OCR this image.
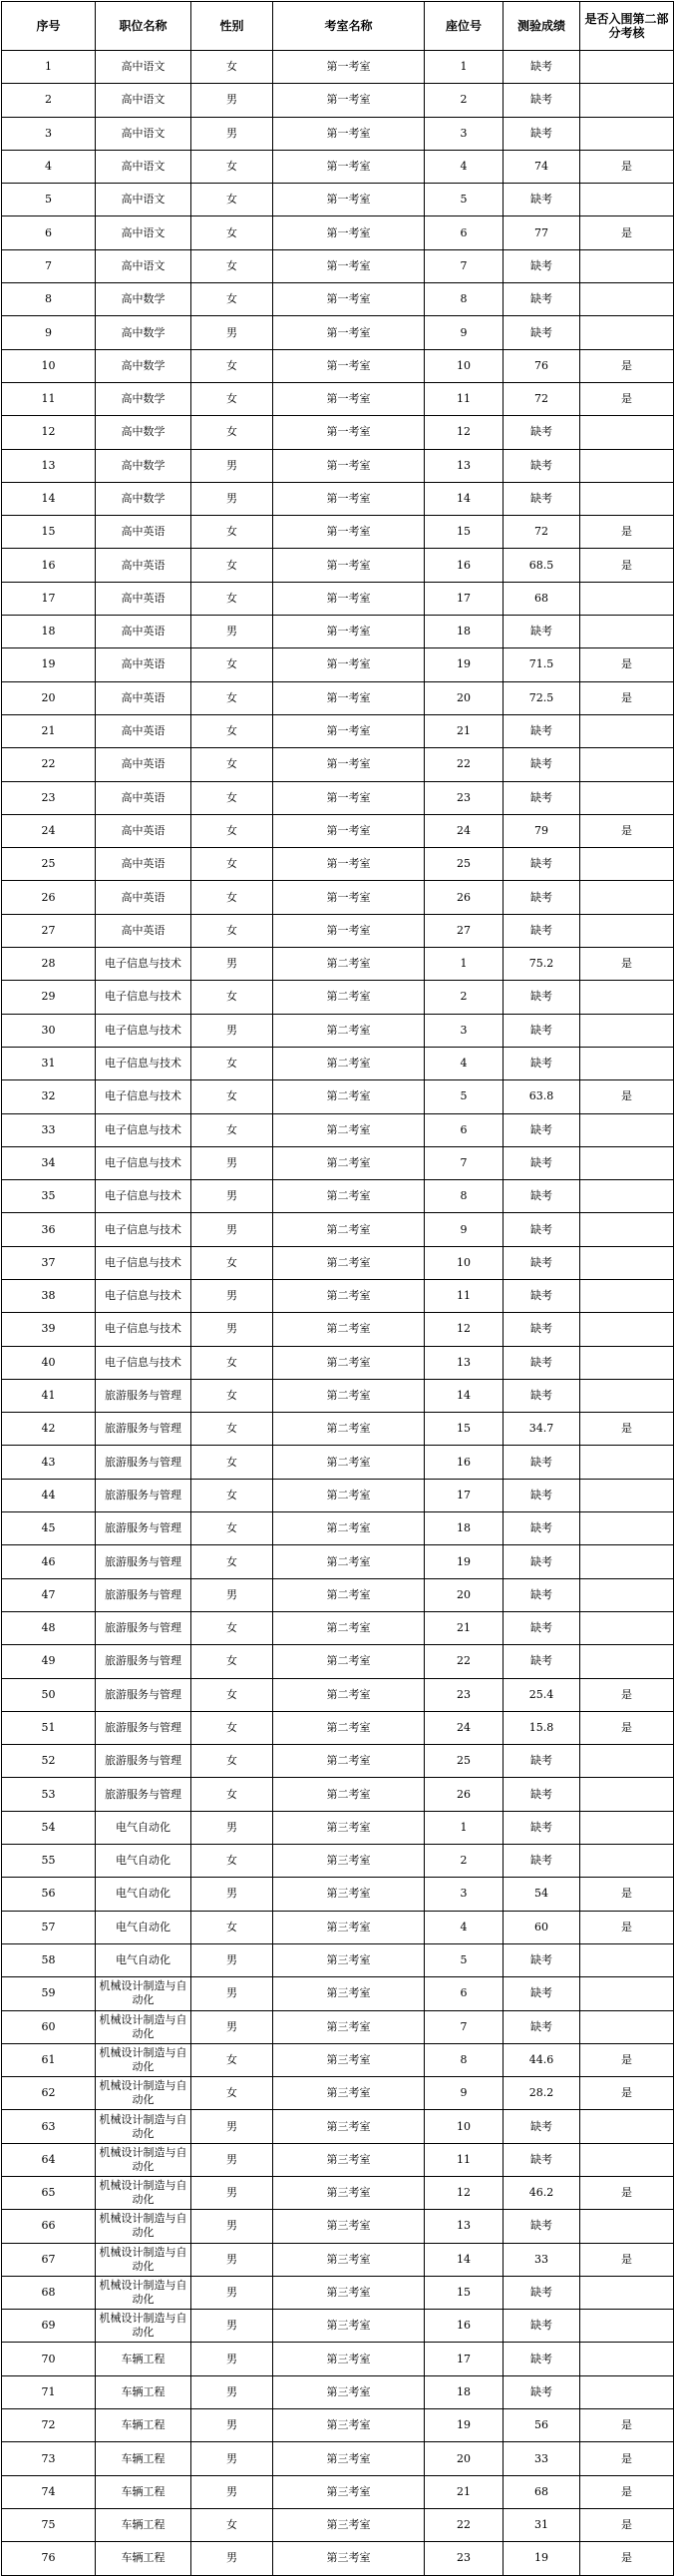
序号	职位名称	性别	考室名称	座位号	测验成绩	是否入围第二部分考核
1	高中语文	女	第一考室	1	缺考	
2	高中语文	男	第一考室	2	缺考	
3	高中语文	男	第一考室	3	缺考	
4	高中语文	女	第一考室	4	74	是
5	高中语文	女	第一考室	5	缺考	
6	高中语文	女	第一考室	6	77	是
7	高中语文	女	第一考室	7	缺考	
8	高中数学	女	第一考室	8	缺考	
9	高中数学	男	第一考室	9	缺考	
10	高中数学	女	第一考室	10	76	是
11	高中数学	女	第一考室	11	72	是
12	高中数学	女	第一考室	12	缺考	
13	高中数学	男	第一考室	13	缺考	
14	高中数学	男	第一考室	14	缺考	
15	高中英语	女	第一考室	15	72	是
16	高中英语	女	第一考室	16	68.5	是
17	高中英语	女	第一考室	17	68	
18	高中英语	男	第一考室	18	缺考	
19	高中英语	女	第一考室	19	71.5	是
20	高中英语	女	第一考室	20	72.5	是
21	高中英语	女	第一考室	21	缺考	
22	高中英语	女	第一考室	22	缺考	
23	高中英语	女	第一考室	23	缺考	
24	高中英语	女	第一考室	24	79	是
25	高中英语	女	第一考室	25	缺考	
26	高中英语	女	第一考室	26	缺考	
27	高中英语	女	第一考室	27	缺考	
28	电子信息与技术	男	第二考室	1	75.2	是
29	电子信息与技术	女	第二考室	2	缺考	
30	电子信息与技术	男	第二考室	3	缺考	
31	电子信息与技术	女	第二考室	4	缺考	
32	电子信息与技术	女	第二考室	5	63.8	是
33	电子信息与技术	女	第二考室	6	缺考	
34	电子信息与技术	男	第二考室	7	缺考	
35	电子信息与技术	男	第二考室	8	缺考	
36	电子信息与技术	男	第二考室	9	缺考	
37	电子信息与技术	女	第二考室	10	缺考	
38	电子信息与技术	男	第二考室	11	缺考	
39	电子信息与技术	男	第二考室	12	缺考	
40	电子信息与技术	女	第二考室	13	缺考	
41	旅游服务与管理	女	第二考室	14	缺考	
42	旅游服务与管理	女	第二考室	15	34.7	是
43	旅游服务与管理	女	第二考室	16	缺考	
44	旅游服务与管理	女	第二考室	17	缺考	
45	旅游服务与管理	女	第二考室	18	缺考	
46	旅游服务与管理	女	第二考室	19	缺考	
47	旅游服务与管理	男	第二考室	20	缺考	
48	旅游服务与管理	女	第二考室	21	缺考	
49	旅游服务与管理	女	第二考室	22	缺考	
50	旅游服务与管理	女	第二考室	23	25.4	是
51	旅游服务与管理	女	第二考室	24	15.8	是
52	旅游服务与管理	女	第二考室	25	缺考	
53	旅游服务与管理	女	第二考室	26	缺考	
54	电气自动化	男	第三考室	1	缺考	
55	电气自动化	女	第三考室	2	缺考	
56	电气自动化	男	第三考室	3	54	是
57	电气自动化	女	第三考室	4	60	是
58	电气自动化	男	第三考室	5	缺考	
59	机械设计制造与自动化	男	第三考室	6	缺考	
60	机械设计制造与自动化	男	第三考室	7	缺考	
61	机械设计制造与自动化	女	第三考室	8	44.6	是
62	机械设计制造与自动化	女	第三考室	9	28.2	是
63	机械设计制造与自动化	男	第三考室	10	缺考	
64	机械设计制造与自动化	男	第三考室	11	缺考	
65	机械设计制造与自动化	男	第三考室	12	46.2	是
66	机械设计制造与自动化	男	第三考室	13	缺考	
67	机械设计制造与自动化	男	第三考室	14	33	是
68	机械设计制造与自动化	男	第三考室	15	缺考	
69	机械设计制造与自动化	男	第三考室	16	缺考	
70	车辆工程	男	第三考室	17	缺考	
71	车辆工程	男	第三考室	18	缺考	
72	车辆工程	男	第三考室	19	56	是
73	车辆工程	男	第三考室	20	33	是
74	车辆工程	男	第三考室	21	68	是
75	车辆工程	女	第三考室	22	31	是
76	车辆工程	男	第三考室	23	19	是
